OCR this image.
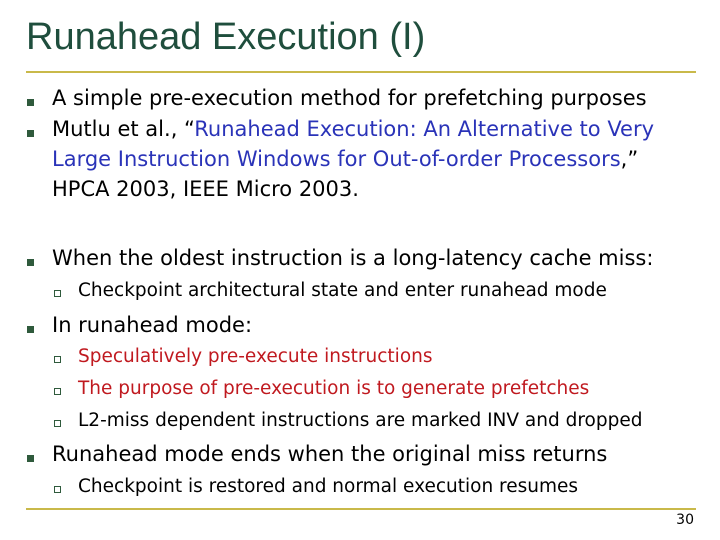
Runahead Execution (I)
A simple pre-execution method for prefetching purposes
Mutlu et al., “Runahead Execution: An Alternative to Very
Large Instruction Windows for Out-of-order Processors,”
HPCA 2003, IEEE Micro 2003.
When the oldest instruction is a long-latency cache miss:
Checkpoint architectural state and enter runahead mode
In runahead mode:
Speculatively pre-execute instructions
The purpose of pre-execution is to generate prefetches
L2-miss dependent instructions are marked INV and dropped
Runahead mode ends when the original miss returns
Checkpoint is restored and normal execution resumes
30
